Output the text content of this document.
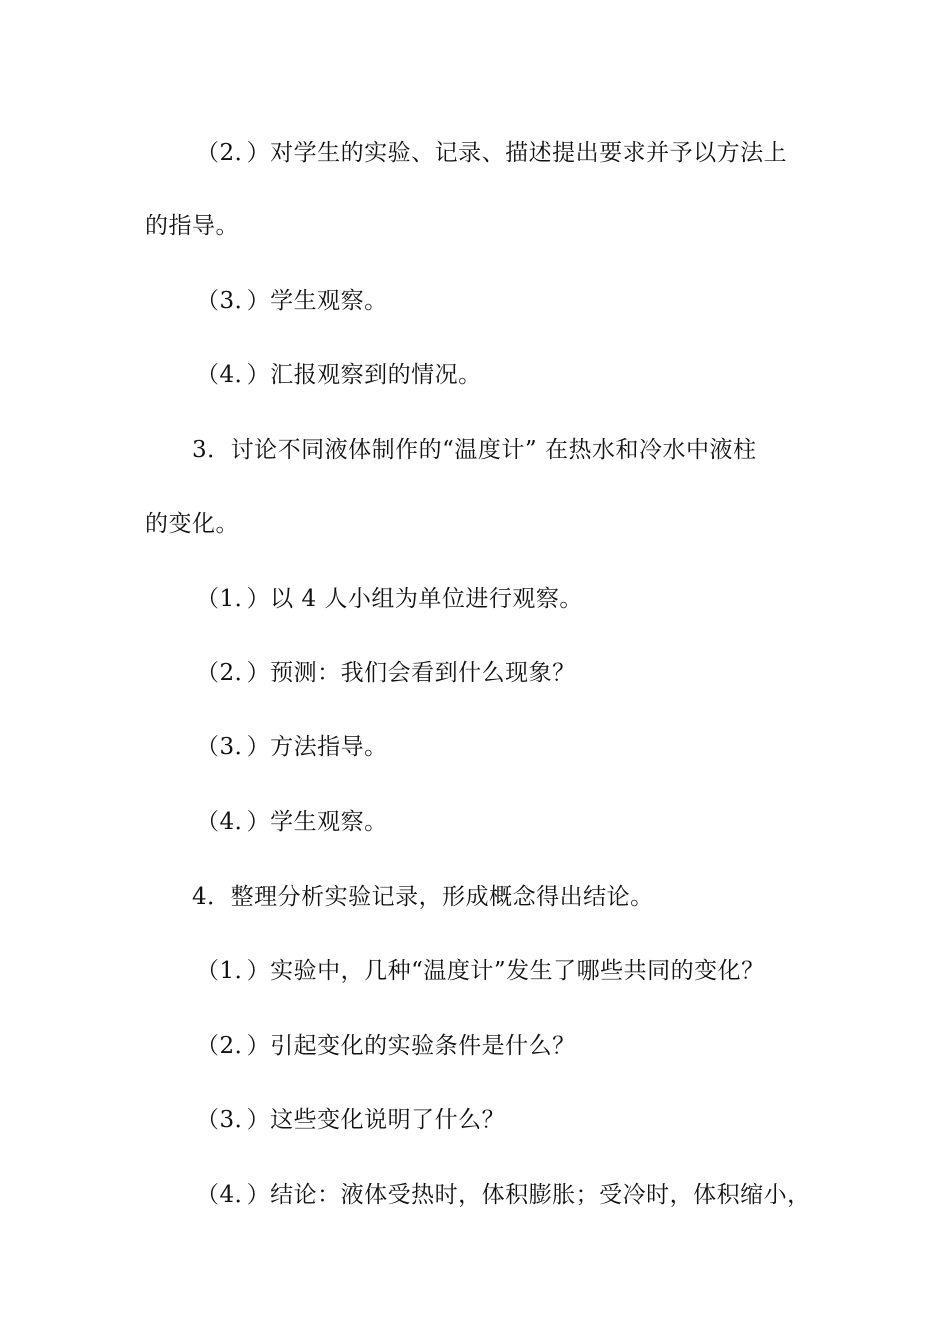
（2．）对学生的实验、记录、描述提出要求并予以方法上
的指导。
（3．）学生观察。
（4．）汇报观察到的情况。
3．讨论不同液体制作的“温度计” 在热水和冷水中液柱
的变化。
（1．）以 4 人小组为单位进行观察。
（2．）预测：我们会看到什么现象？
（3．）方法指导。
（4．）学生观察。
4．整理分析实验记录，形成概念得出结论。
（1．）实验中，几种“温度计”发生了哪些共同的变化？
（2．）引起变化的实验条件是什么？
（3．）这些变化说明了什么？
（4．）结论：液体受热时，体积膨胀；受冷时，体积缩小，
